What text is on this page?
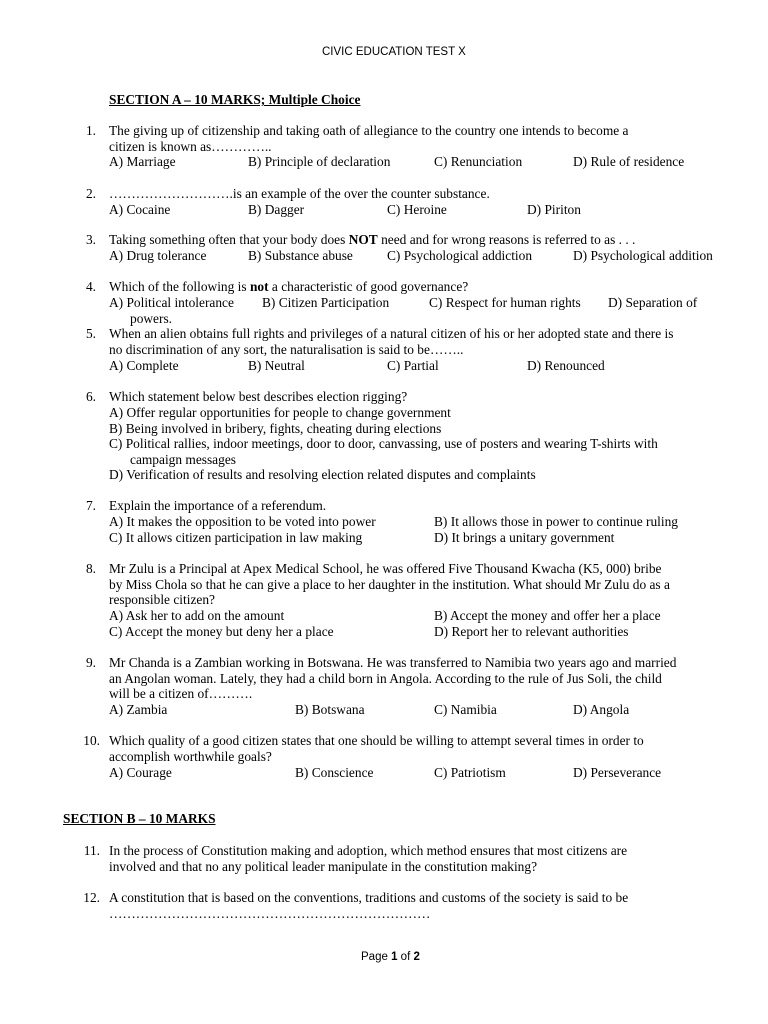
CIVIC EDUCATION TEST X
SECTION A – 10 MARKS; Multiple Choice
1. The giving up of citizenship and taking oath of allegiance to the country one intends to become a
citizen is known as…………..
A) Marriage	B) Principle of declaration	C) Renunciation	D) Rule of residence
2. ……………………….is an example of the over the counter substance.
A) Cocaine	B) Dagger	C) Heroine	D) Piriton
3. Taking something often that your body does NOT need and for wrong reasons is referred to as . . .
A) Drug tolerance	B) Substance abuse	C) Psychological addiction	D) Psychological addition
4. Which of the following is not a characteristic of good governance?
A) Political intolerance B) Citizen Participation	C) Respect for human rights D) Separation of
powers.
5. When an alien obtains full rights and privileges of a natural citizen of his or her adopted state and there is
no discrimination of any sort, the naturalisation is said to be……..
A) Complete	B) Neutral	C) Partial	D) Renounced
6. Which statement below best describes election rigging?
A) Offer regular opportunities for people to change government
B) Being involved in bribery, fights, cheating during elections
C) Political rallies, indoor meetings, door to door, canvassing, use of posters and wearing T-shirts with
campaign messages
D) Verification of results and resolving election related disputes and complaints
7. Explain the importance of a referendum.
A) It makes the opposition to be voted into power	B) It allows those in power to continue ruling
C) It allows citizen participation in law making	D) It brings a unitary government
8. Mr Zulu is a Principal at Apex Medical School, he was offered Five Thousand Kwacha (K5, 000) bribe
by Miss Chola so that he can give a place to her daughter in the institution. What should Mr Zulu do as a
responsible citizen?
A) Ask her to add on the amount	B) Accept the money and offer her a place
C) Accept the money but deny her a place	D) Report her to relevant authorities
9. Mr Chanda is a Zambian working in Botswana. He was transferred to Namibia two years ago and married
an Angolan woman. Lately, they had a child born in Angola. According to the rule of Jus Soli, the child
will be a citizen of……….
A) Zambia	B) Botswana	C) Namibia	D) Angola
10. Which quality of a good citizen states that one should be willing to attempt several times in order to
accomplish worthwhile goals?
A) Courage	B) Conscience	C) Patriotism	D) Perseverance
SECTION B – 10 MARKS
11. In the process of Constitution making and adoption, which method ensures that most citizens are
involved and that no any political leader manipulate in the constitution making?
12. A constitution that is based on the conventions, traditions and customs of the society is said to be
………………………………………………………………
Page 1 of 2
